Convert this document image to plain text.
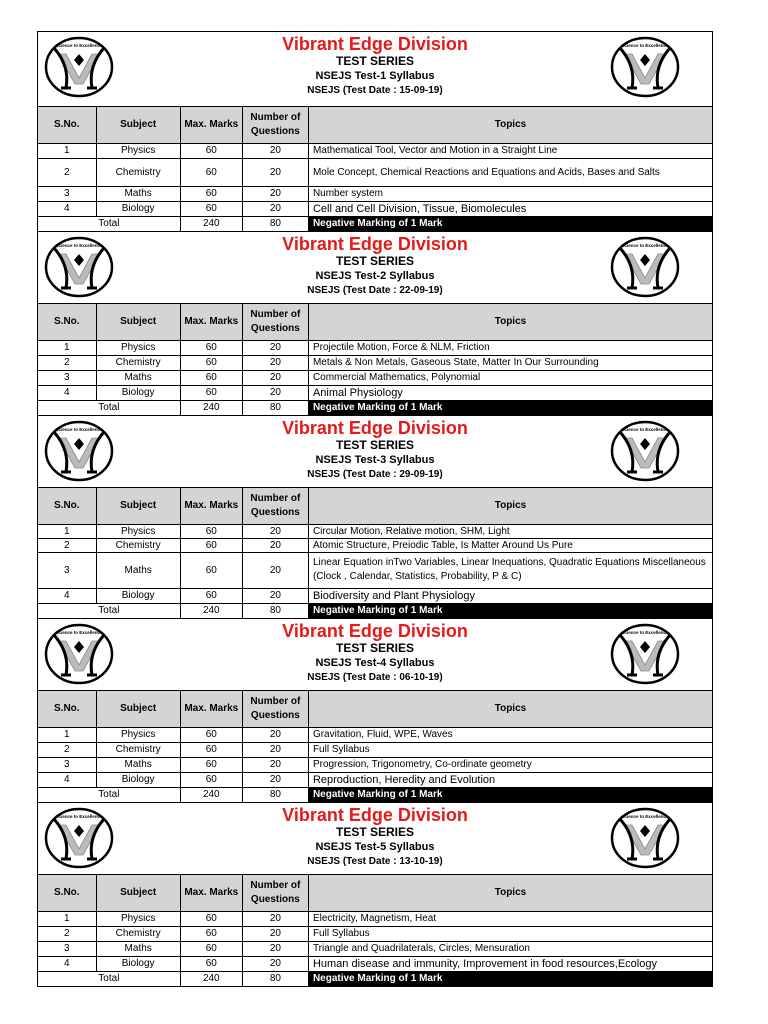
Science to Excellence	Science to Excellence
Vibrant Edge Division
TEST SERIES
NSEJS Test-1 Syllabus
NSEJS (Test Date : 15-09-19)
S.No.	Subject	Max. Marks	Number of Questions	Topics
1	Physics	60	20	Mathematical Tool, Vector and Motion in a Straight Line
2	Chemistry	60	20	Mole Concept, Chemical Reactions and Equations and Acids, Bases and Salts
3	Maths	60	20	Number system
4	Biology	60	20	Cell and Cell Division, Tissue, Biomolecules
Total		240	80	Negative Marking of 1 Mark
Science to Excellence	Science to Excellence
Vibrant Edge Division
TEST SERIES
NSEJS Test-2 Syllabus
NSEJS (Test Date : 22-09-19)
S.No.	Subject	Max. Marks	Number of Questions	Topics
1	Physics	60	20	Projectile Motion, Force & NLM, Friction
2	Chemistry	60	20	Metals & Non Metals, Gaseous State, Matter In Our Surrounding
3	Maths	60	20	Commercial Mathematics, Polynomial
4	Biology	60	20	Animal Physiology
Total		240	80	Negative Marking of 1 Mark
Science to Excellence	Science to Excellence
Vibrant Edge Division
TEST SERIES
NSEJS Test-3 Syllabus
NSEJS (Test Date : 29-09-19)
S.No.	Subject	Max. Marks	Number of Questions	Topics
1	Physics	60	20	Circular Motion, Relative motion, SHM, Light
2	Chemistry	60	20	Atomic Structure, Preiodic Table, Is Matter Around Us Pure
3	Maths	60	20	Linear Equation inTwo Variables, Linear Inequations, Quadratic Equations Miscellaneous (Clock , Calendar, Statistics, Probability, P & C)
4	Biology	60	20	Biodiversity and Plant Physiology
Total		240	80	Negative Marking of 1 Mark
Science to Excellence	Science to Excellence
Vibrant Edge Division
TEST SERIES
NSEJS Test-4 Syllabus
NSEJS (Test Date : 06-10-19)
S.No.	Subject	Max. Marks	Number of Questions	Topics
1	Physics	60	20	Gravitation, Fluid, WPE, Waves
2	Chemistry	60	20	Full Syllabus
3	Maths	60	20	Progression, Trigonometry, Co-ordinate geometry
4	Biology	60	20	Reproduction, Heredity and Evolution
Total		240	80	Negative Marking of 1 Mark
Science to Excellence	Science to Excellence
Vibrant Edge Division
TEST SERIES
NSEJS Test-5 Syllabus
NSEJS (Test Date : 13-10-19)
S.No.	Subject	Max. Marks	Number of Questions	Topics
1	Physics	60	20	Electricity, Magnetism, Heat
2	Chemistry	60	20	Full Syllabus
3	Maths	60	20	Triangle and Quadrilaterals, Circles, Mensuration
4	Biology	60	20	Human disease and immunity, Improvement in food resources,Ecology
Total		240	80	Negative Marking of 1 Mark
